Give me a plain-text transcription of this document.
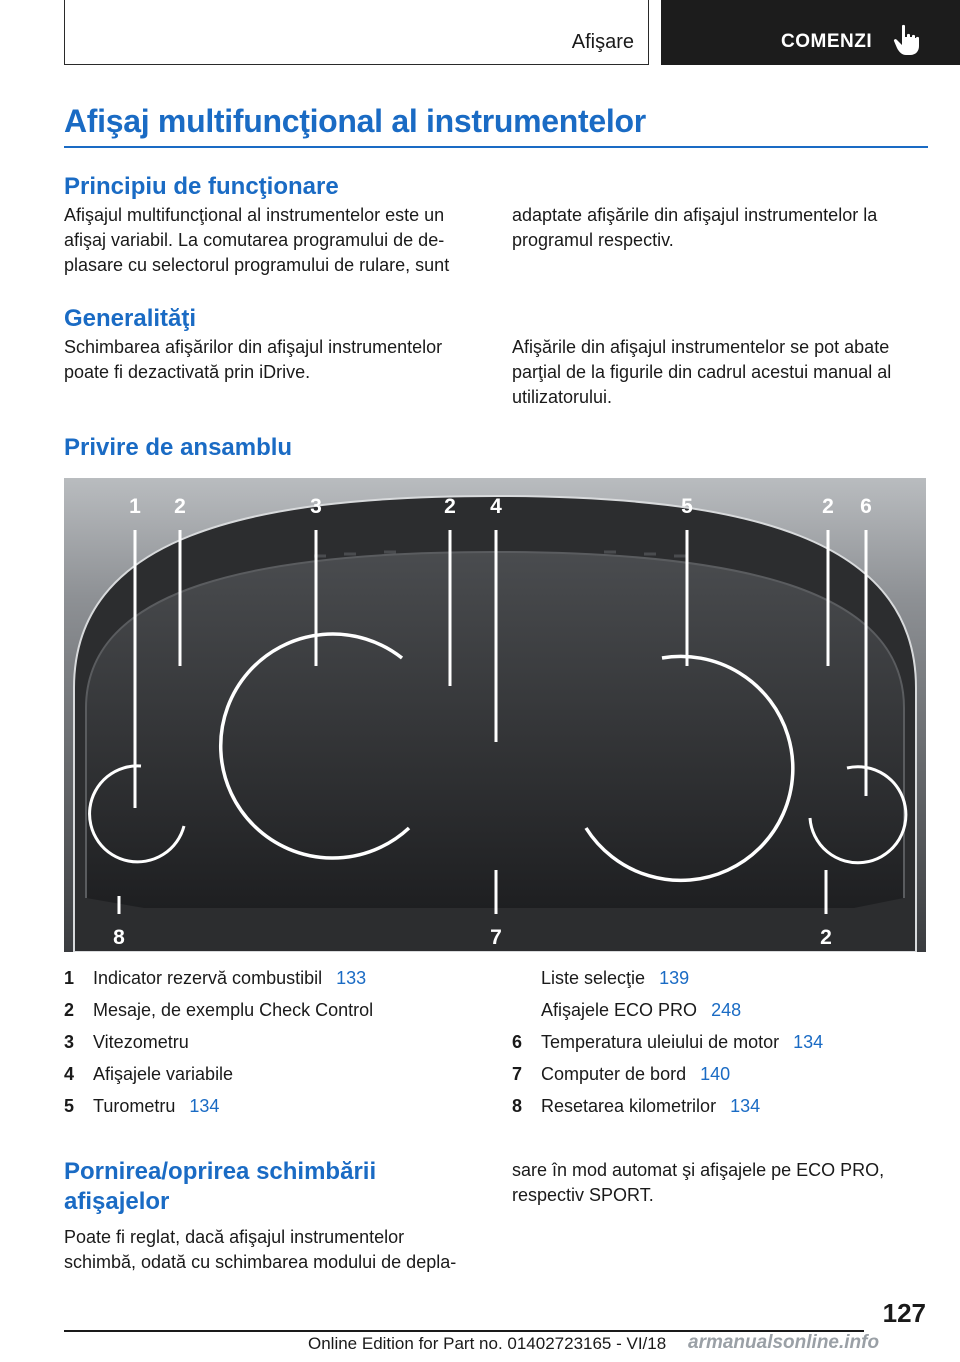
Afişare	COMENZI
Afişaj multifuncţional al instrumentelor
Principiu de funcţionare

Afişajul multifuncţional al instrumentelor este un
afişaj variabil. La comutarea programului de de-
plasare cu selectorul programului de rulare, sunt

adaptate afişările din afişajul instrumentelor la
programul respectiv.

Generalităţi

Schimbarea afişărilor din afişajul instrumentelor
poate fi dezactivată prin iDrive.

Afişările din afişajul instrumentelor se pot abate
parţial de la figurile din cadrul acestui manual al
utilizatorului.

Privire de ansamblu
1 2	3	2 4	5	2 6
8	7	2
1 Indicator rezervă combustibil 133
2 Mesaje, de exemplu Check Control
3 Vitezometru
4 Afişajele variabile
5 Turometru 134
Liste selecţie 139
Afişajele ECO PRO 248
6 Temperatura uleiului de motor 134
7 Computer de bord 140
8 Resetarea kilometrilor 134
Pornirea/oprirea schimbării
afişajelor

Poate fi reglat, dacă afişajul instrumentelor
schimbă, odată cu schimbarea modului de depla-

sare în mod automat şi afişajele pe ECO PRO,
respectiv SPORT.

127
Online Edition for Part no. 01402723165 - VI/18 armanualsonline.info
